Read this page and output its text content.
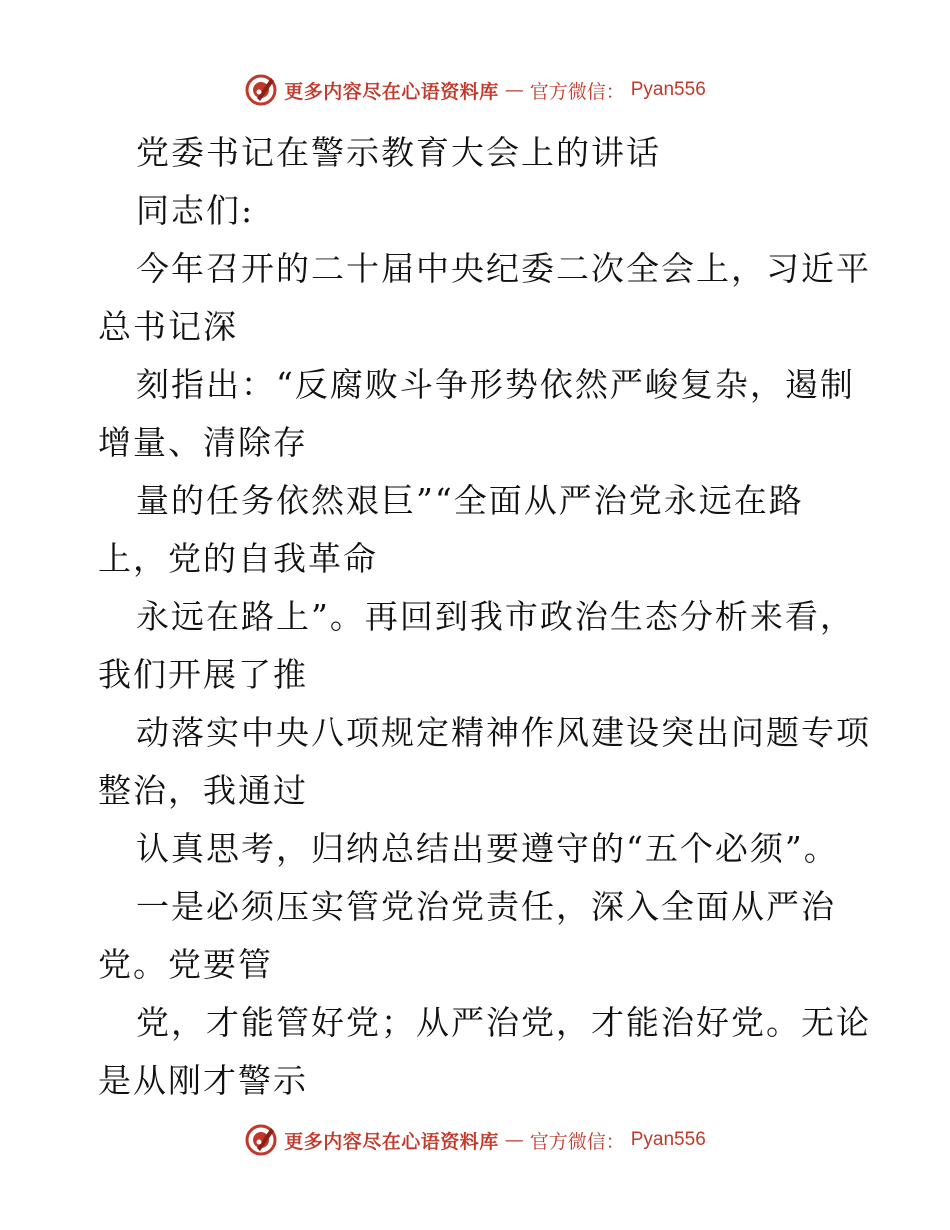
更多内容尽在心语资料库 — 官方微信： Pyan556
党委书记在警示教育大会上的讲话
同志们:
今年召开的二十届中央纪委二次全会上，习近平
总书记深
刻指出：“反腐败斗争形势依然严峻复杂，遏制
增量、清除存
量的任务依然艰巨”“全面从严治党永远在路
上，党的自我革命
永远在路上”。再回到我市政治生态分析来看，
我们开展了推
动落实中央八项规定精神作风建设突出问题专项
整治，我通过
认真思考，归纳总结出要遵守的“五个必须”。
一是必须压实管党治党责任，深入全面从严治
党。党要管
党，才能管好党；从严治党，才能治好党。无论
是从刚才警示
更多内容尽在心语资料库 — 官方微信： Pyan556
